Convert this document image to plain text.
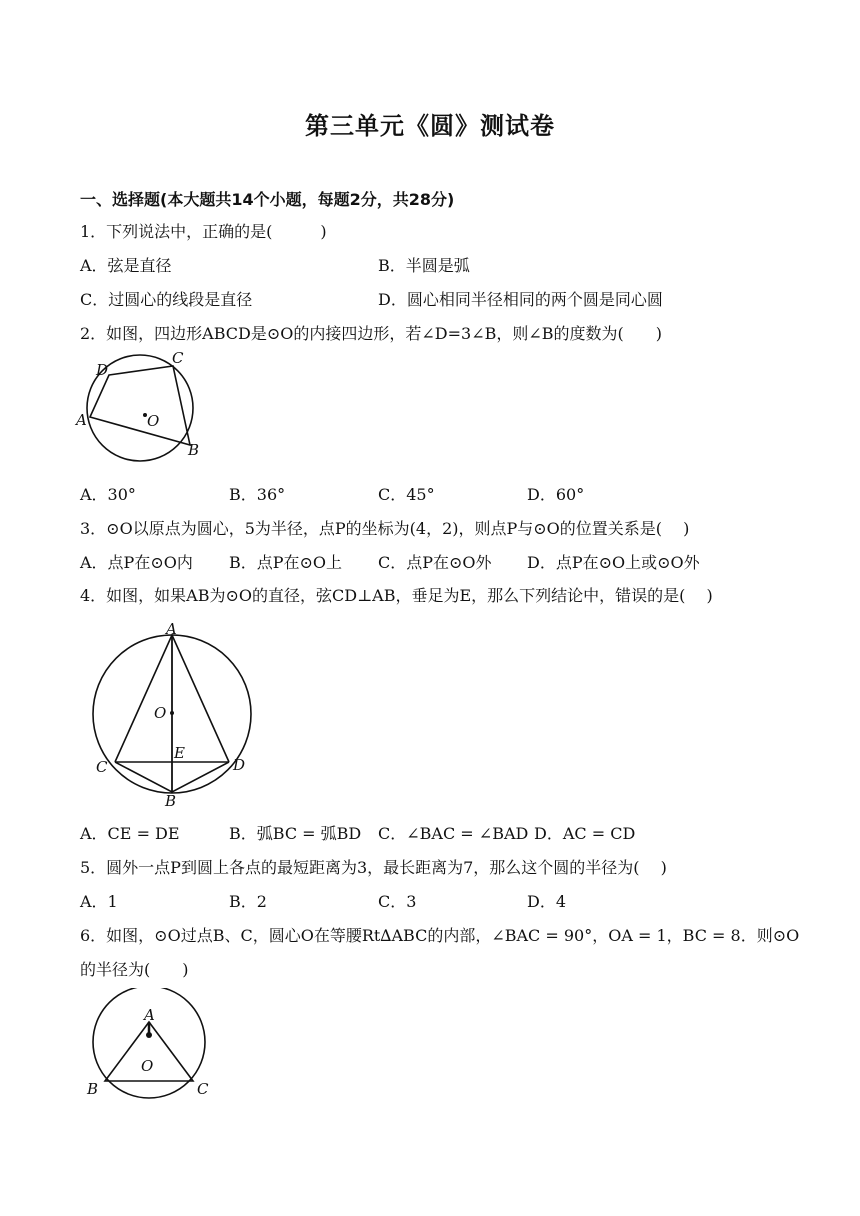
第三单元《圆》测试卷
一、选择题(本大题共14个小题，每题2分，共28分)
1．下列说法中，正确的是(　　　)
A．弦是直径	B．半圆是弧
C．过圆心的线段是直径	D．圆心相同半径相同的两个圆是同心圆
2．如图，四边形ABCD是⊙O的内接四边形，若∠D=3∠B，则∠B的度数为(　　)
A
B
C
D
O
A．30°	B．36°	C．45°	D．60°
3．⊙O以原点为圆心，5为半径，点P的坐标为(4，2)，则点P与⊙O的位置关系是(　 )
A．点P在⊙O内 B．点P在⊙O上 C．点P在⊙O外 D．点P在⊙O上或⊙O外
4．如图，如果AB为⊙O的直径，弦CD⊥AB，垂足为E，那么下列结论中，错误的是(　 )
A
B
C	D
E
O
A．CE = DE	B．弧BC = 弧BD C．∠BAC = ∠BAD D．AC = CD
5．圆外一点P到圆上各点的最短距离为3，最长距离为7，那么这个圆的半径为(　 )
A．1	B．2	C．3	D．4
6．如图，⊙O过点B、C，圆心O在等腰Rt∆ABC的内部，∠BAC = 90°，OA = 1，BC = 8．则⊙O
的半径为(　　)
A
B	C
O
